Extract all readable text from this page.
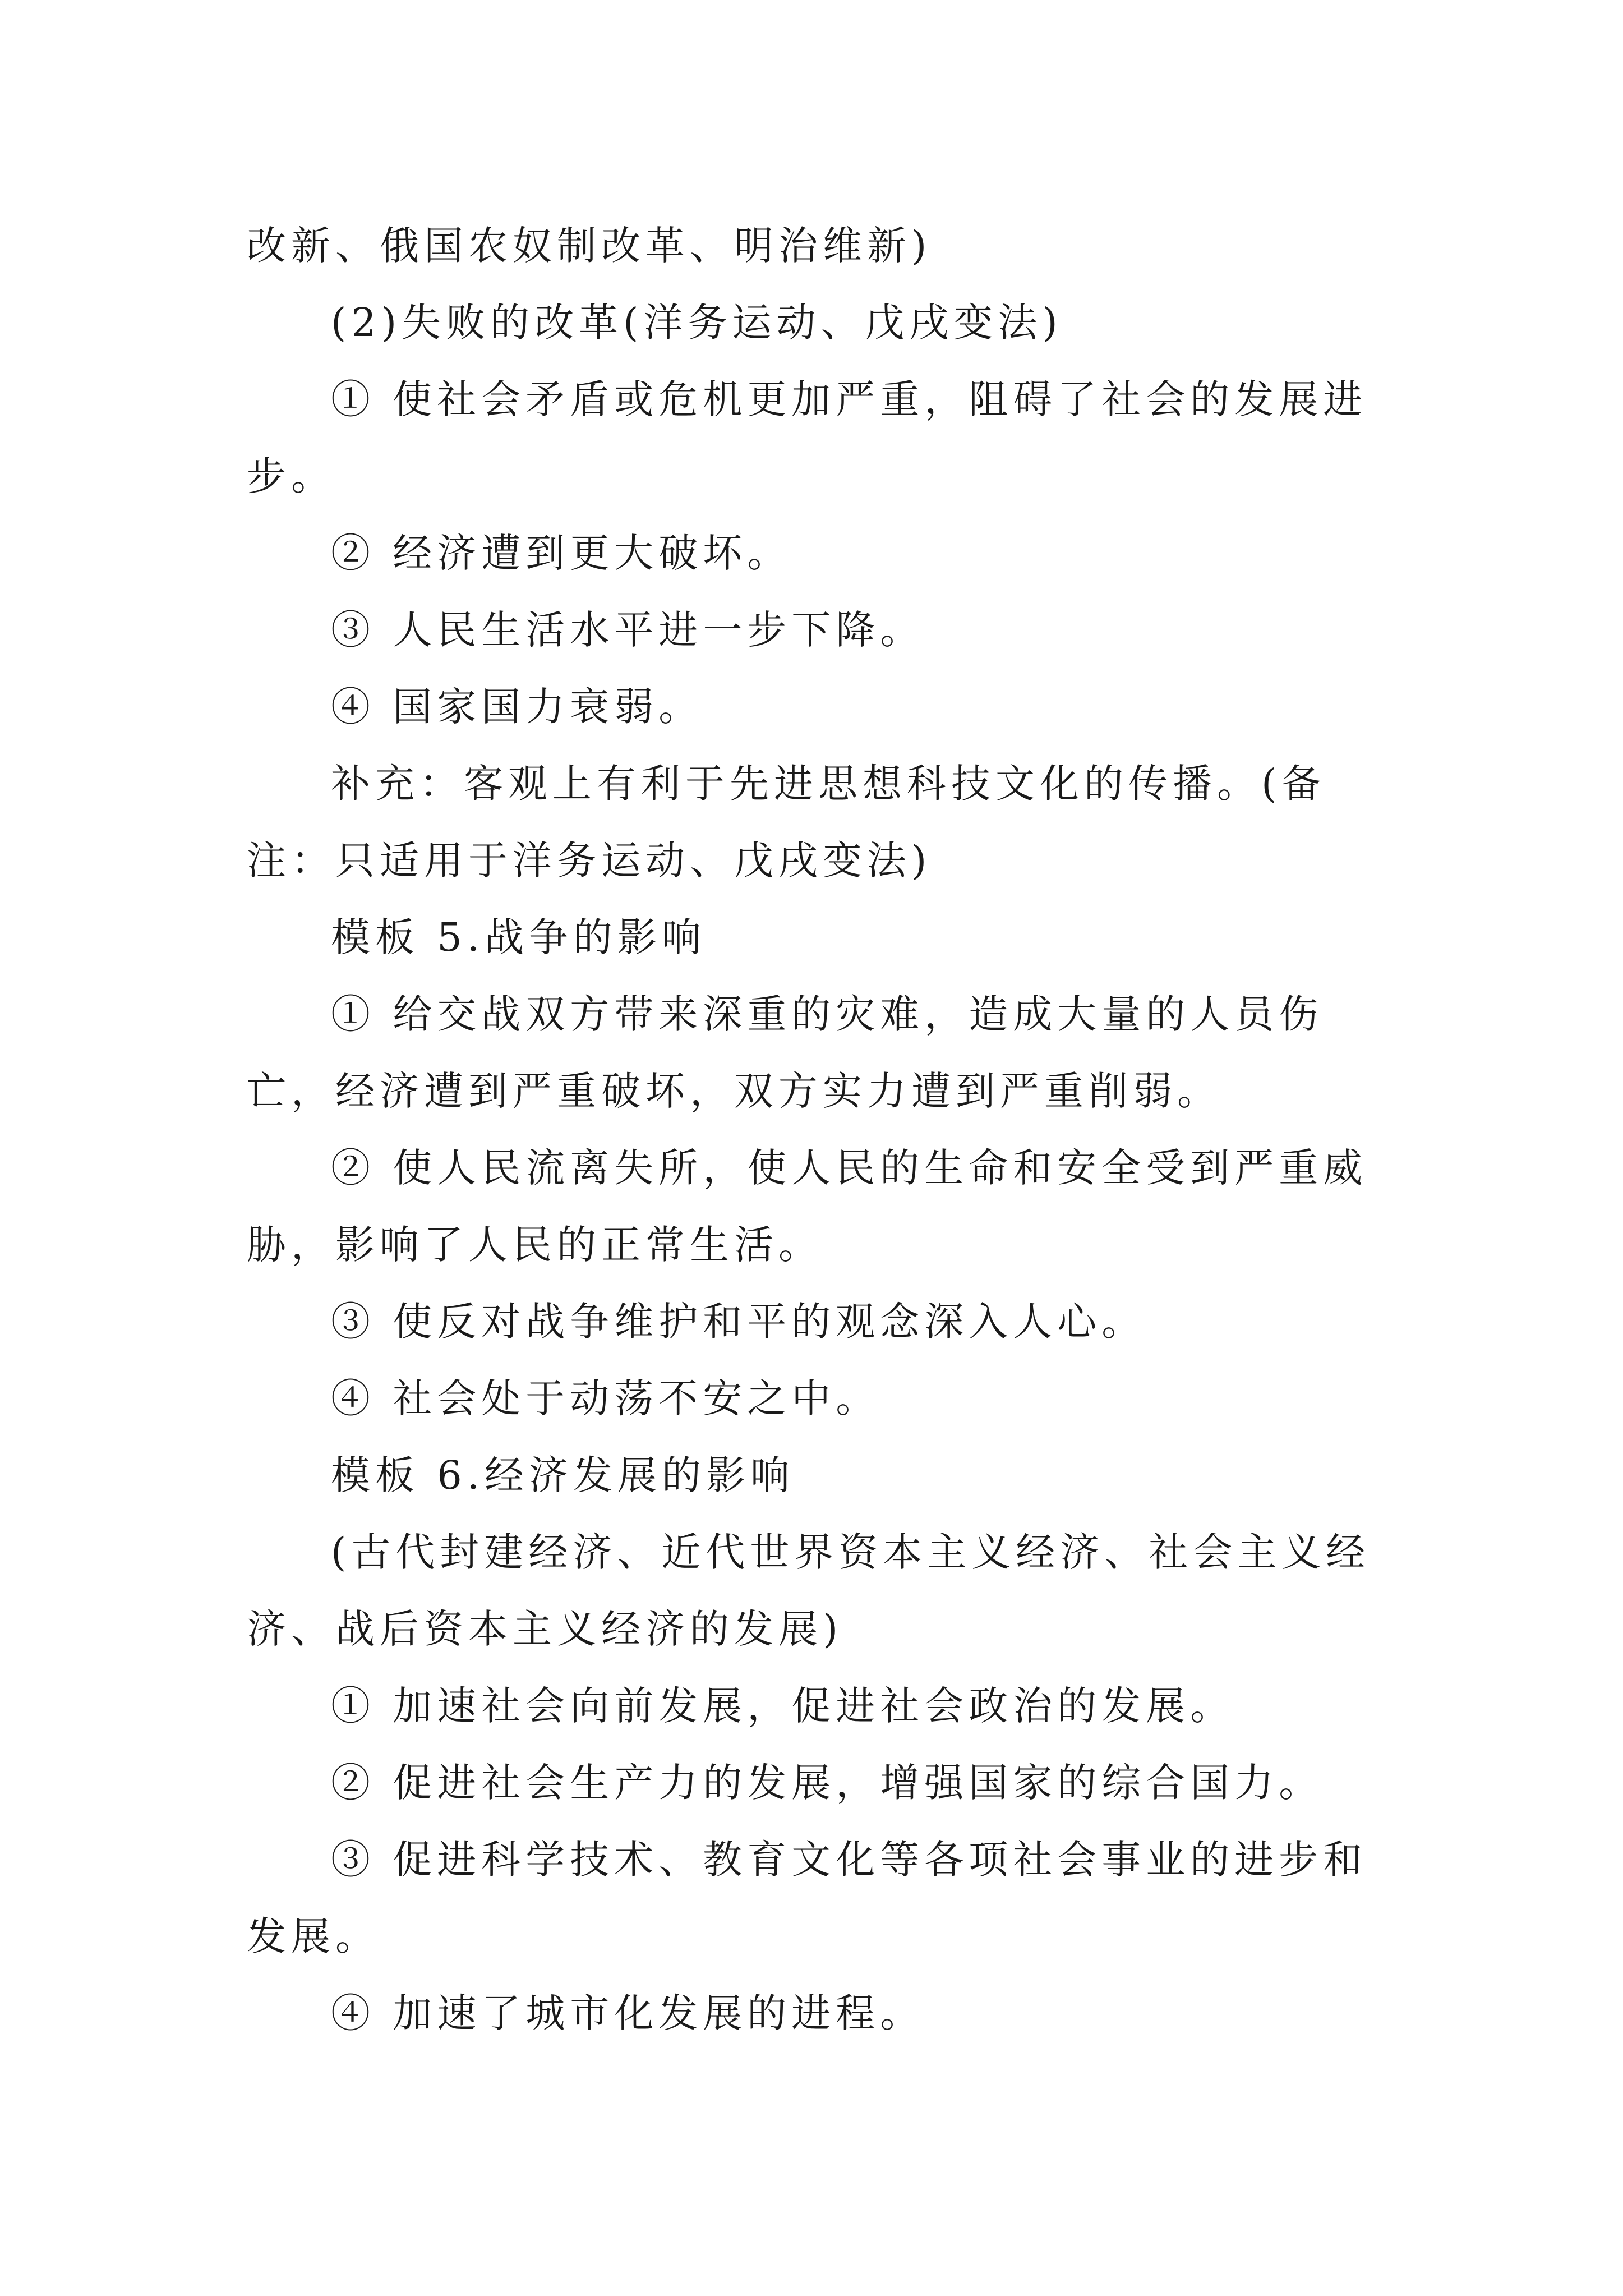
改新、俄国农奴制改革、明治维新)

(2)失败的改革(洋务运动、戊戌变法)

① 使社会矛盾或危机更加严重，阻碍了社会的发展进步。

② 经济遭到更大破坏。

③ 人民生活水平进一步下降。

④ 国家国力衰弱。

补充：客观上有利于先进思想科技文化的传播。(备注：只适用于洋务运动、戊戌变法)

模板 5.战争的影响

① 给交战双方带来深重的灾难，造成大量的人员伤亡，经济遭到严重破坏，双方实力遭到严重削弱。

② 使人民流离失所，使人民的生命和安全受到严重威胁，影响了人民的正常生活。

③ 使反对战争维护和平的观念深入人心。

④ 社会处于动荡不安之中。

模板 6.经济发展的影响

(古代封建经济、近代世界资本主义经济、社会主义经济、战后资本主义经济的发展)

① 加速社会向前发展，促进社会政治的发展。

② 促进社会生产力的发展，增强国家的综合国力。

③ 促进科学技术、教育文化等各项社会事业的进步和发展。

④ 加速了城市化发展的进程。
